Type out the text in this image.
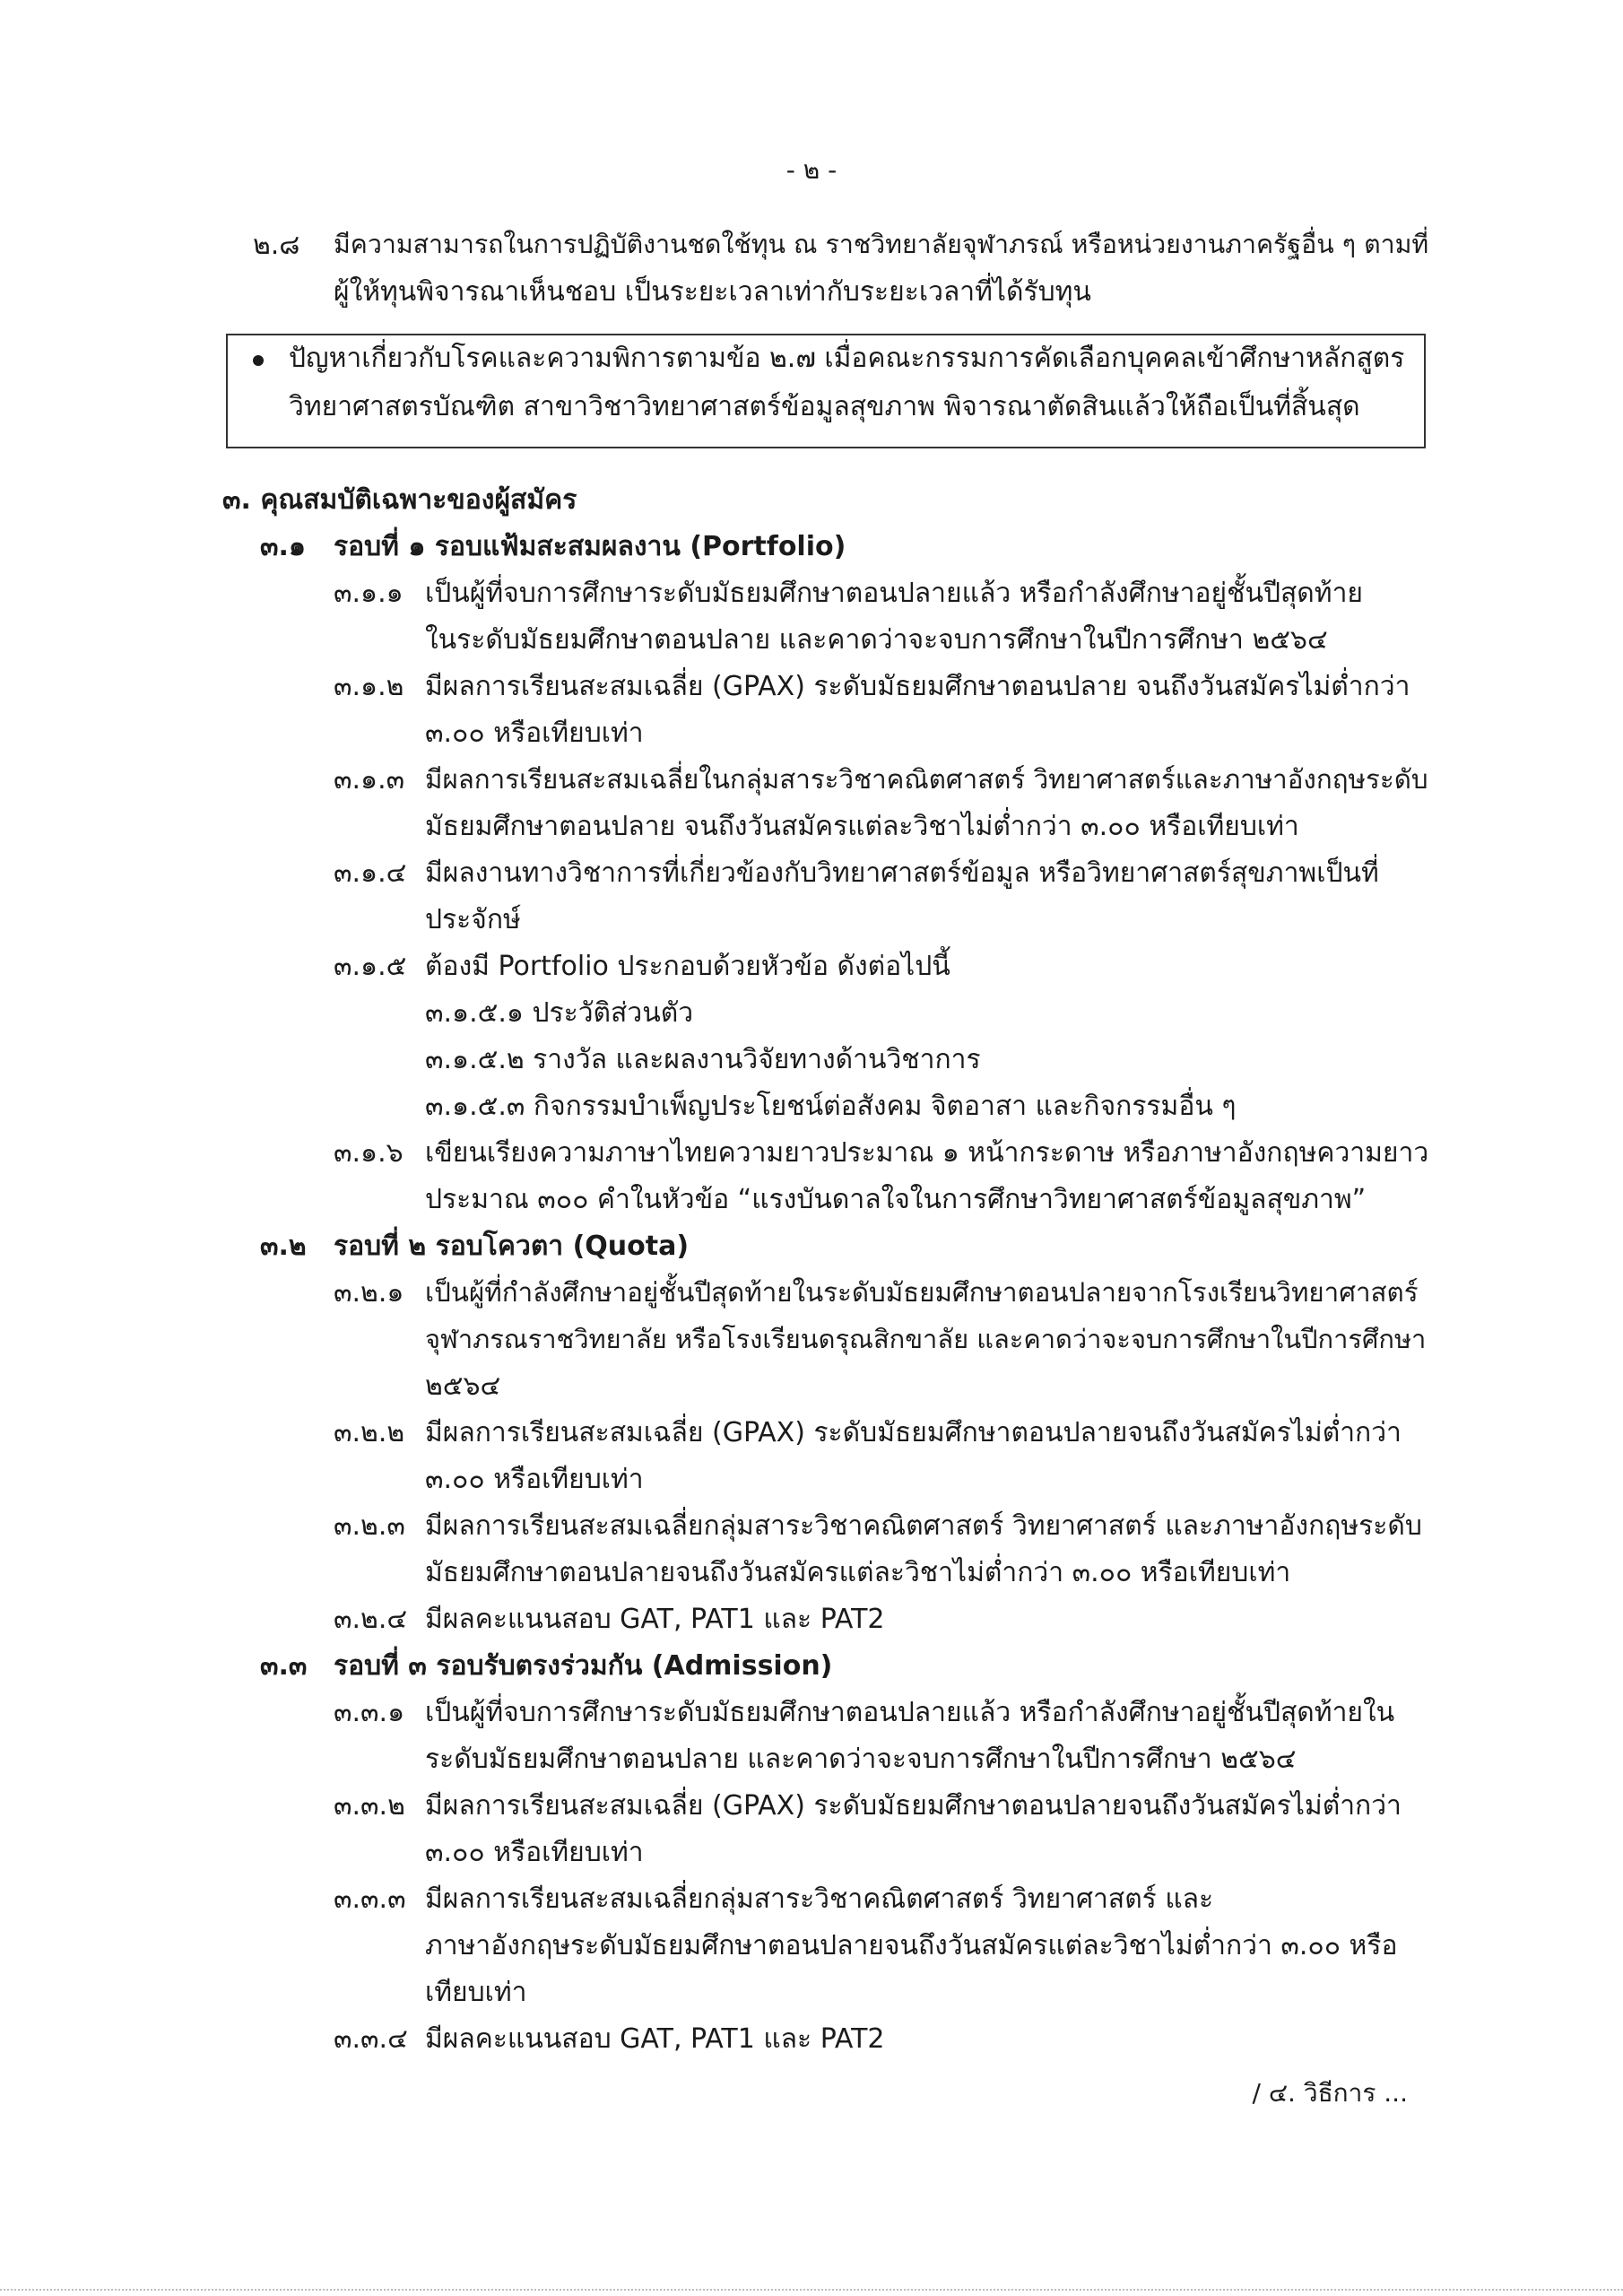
- ๒ -
๒.๘ มีความสามารถในการปฏิบัติงานชดใช้ทุน ณ ราชวิทยาลัยจุฬาภรณ์ หรือหน่วยงานภาครัฐอื่น ๆ ตามที่
ผู้ให้ทุนพิจารณาเห็นชอบ เป็นระยะเวลาเท่ากับระยะเวลาที่ได้รับทุน
ปัญหาเกี่ยวกับโรคและความพิการตามข้อ ๒.๗ เมื่อคณะกรรมการคัดเลือกบุคคลเข้าศึกษาหลักสูตร
วิทยาศาสตรบัณฑิต สาขาวิชาวิทยาศาสตร์ข้อมูลสุขภาพ พิจารณาตัดสินแล้วให้ถือเป็นที่สิ้นสุด
๓. คุณสมบัติเฉพาะของผู้สมัคร
๓.๑ รอบที่ ๑ รอบแฟ้มสะสมผลงาน (Portfolio)
๓.๑.๑ เป็นผู้ที่จบการศึกษาระดับมัธยมศึกษาตอนปลายแล้ว หรือกำลังศึกษาอยู่ชั้นปีสุดท้าย
ในระดับมัธยมศึกษาตอนปลาย และคาดว่าจะจบการศึกษาในปีการศึกษา ๒๕๖๔
๓.๑.๒ มีผลการเรียนสะสมเฉลี่ย (GPAX) ระดับมัธยมศึกษาตอนปลาย จนถึงวันสมัครไม่ต่ำกว่า
๓.๐๐ หรือเทียบเท่า
๓.๑.๓ มีผลการเรียนสะสมเฉลี่ยในกลุ่มสาระวิชาคณิตศาสตร์ วิทยาศาสตร์และภาษาอังกฤษระดับ
มัธยมศึกษาตอนปลาย จนถึงวันสมัครแต่ละวิชาไม่ต่ำกว่า ๓.๐๐ หรือเทียบเท่า
๓.๑.๔ มีผลงานทางวิชาการที่เกี่ยวข้องกับวิทยาศาสตร์ข้อมูล หรือวิทยาศาสตร์สุขภาพเป็นที่
ประจักษ์
๓.๑.๕ ต้องมี Portfolio ประกอบด้วยหัวข้อ ดังต่อไปนี้
๓.๑.๕.๑ ประวัติส่วนตัว
๓.๑.๕.๒ รางวัล และผลงานวิจัยทางด้านวิชาการ
๓.๑.๕.๓ กิจกรรมบำเพ็ญประโยชน์ต่อสังคม จิตอาสา และกิจกรรมอื่น ๆ
๓.๑.๖ เขียนเรียงความภาษาไทยความยาวประมาณ ๑ หน้ากระดาษ หรือภาษาอังกฤษความยาว
ประมาณ ๓๐๐ คำในหัวข้อ “แรงบันดาลใจในการศึกษาวิทยาศาสตร์ข้อมูลสุขภาพ”
๓.๒ รอบที่ ๒ รอบโควตา (Quota)
๓.๒.๑ เป็นผู้ที่กำลังศึกษาอยู่ชั้นปีสุดท้ายในระดับมัธยมศึกษาตอนปลายจากโรงเรียนวิทยาศาสตร์
จุฬาภรณราชวิทยาลัย หรือโรงเรียนดรุณสิกขาลัย และคาดว่าจะจบการศึกษาในปีการศึกษา
๒๕๖๔
๓.๒.๒ มีผลการเรียนสะสมเฉลี่ย (GPAX) ระดับมัธยมศึกษาตอนปลายจนถึงวันสมัครไม่ต่ำกว่า
๓.๐๐ หรือเทียบเท่า
๓.๒.๓ มีผลการเรียนสะสมเฉลี่ยกลุ่มสาระวิชาคณิตศาสตร์ วิทยาศาสตร์ และภาษาอังกฤษระดับ
มัธยมศึกษาตอนปลายจนถึงวันสมัครแต่ละวิชาไม่ต่ำกว่า ๓.๐๐ หรือเทียบเท่า
๓.๒.๔ มีผลคะแนนสอบ GAT, PAT1 และ PAT2
๓.๓ รอบที่ ๓ รอบรับตรงร่วมกัน (Admission)
๓.๓.๑ เป็นผู้ที่จบการศึกษาระดับมัธยมศึกษาตอนปลายแล้ว หรือกำลังศึกษาอยู่ชั้นปีสุดท้ายใน
ระดับมัธยมศึกษาตอนปลาย และคาดว่าจะจบการศึกษาในปีการศึกษา ๒๕๖๔
๓.๓.๒ มีผลการเรียนสะสมเฉลี่ย (GPAX) ระดับมัธยมศึกษาตอนปลายจนถึงวันสมัครไม่ต่ำกว่า
๓.๐๐ หรือเทียบเท่า
๓.๓.๓ มีผลการเรียนสะสมเฉลี่ยกลุ่มสาระวิชาคณิตศาสตร์ วิทยาศาสตร์ และ
ภาษาอังกฤษระดับมัธยมศึกษาตอนปลายจนถึงวันสมัครแต่ละวิชาไม่ต่ำกว่า ๓.๐๐ หรือ
เทียบเท่า
๓.๓.๔ มีผลคะแนนสอบ GAT, PAT1 และ PAT2
/ ๔. วิธีการ ...
